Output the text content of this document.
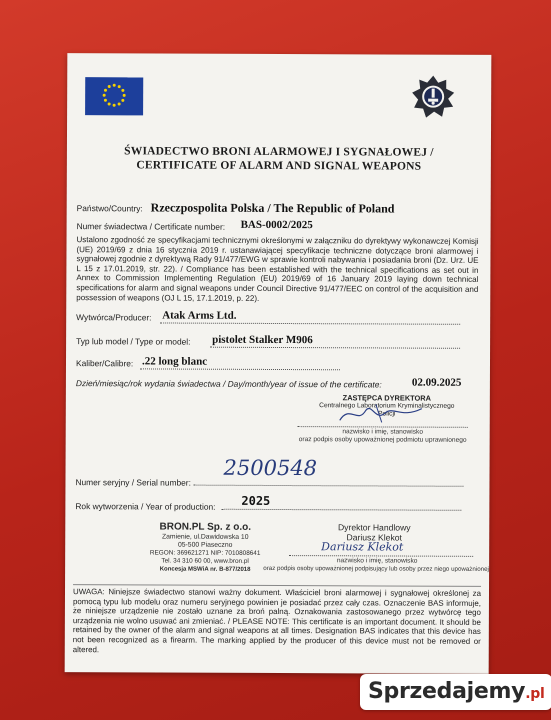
ŚWIADECTWO BRONI ALARMOWEJ I SYGNAŁOWEJ /
CERTIFICATE OF ALARM AND SIGNAL WEAPONS
Państwo/Country: Rzeczpospolita Polska / The Republic of Poland
Numer świadectwa / Certificate number: BAS-0002/2025
Ustalono zgodność ze specyfikacjami technicznymi określonymi w załączniku do dyrektywy wykonawczej Komisji (UE) 2019/69 z dnia 16 stycznia 2019 r. ustanawiającej specyfikacje techniczne dotyczące broni alarmowej i sygnałowej zgodnie z dyrektywą Rady 91/477/EWG w sprawie kontroli nabywania i posiadania broni (Dz. Urz. UE L 15 z 17.01.2019, str. 22). / Compliance has been established with the technical specifications as set out in Annex to Commission Implementing Regulation (EU) 2019/69 of 16 January 2019 laying down technical specifications for alarm and signal weapons under Council Directive 91/477/EEC on control of the acquisition and possession of weapons (OJ L 15, 17.1.2019, p. 22).
Wytwórca/Producer: Atak Arms Ltd.
Typ lub model / Type or model: pistolet Stalker M906
Kaliber/Calibre: .22 long blanc
Dzień/miesiąc/rok wydania świadectwa / Day/month/year of issue of the certificate:	02.09.2025
ZASTĘPCA DYREKTORA
Centralnego Laboratorium Kryminalistycznego
Policji
nazwisko i imię, stanowisko
oraz podpis osoby upoważnionej podmiotu uprawnionego
Numer seryjny / Serial number:
2500548
Rok wytworzenia / Year of production: 2025
BRON.PL Sp. z o.o.
Zamienie, ul.Dawidowska 10
05-500 Piaseczno
REGON: 369621271 NIP: 7010808641
Tel. 34 310 60 00, www.bron.pl
Koncesja MSWiA nr. B-877/2018
Dyrektor Handlowy
Dariusz Klekot
Dariusz Klekot
nazwisko i imię, stanowisko
oraz podpis osoby upoważnionej podpisujący lub osoby przez niego upoważnionej
UWAGA: Niniejsze świadectwo stanowi ważny dokument. Właściciel broni alarmowej i sygnałowej określonej za pomocą typu lub modelu oraz numeru seryjnego powinien je posiadać przez cały czas. Oznaczenie BAS informuje, że niniejsze urządzenie nie zostało uznane za broń palną. Oznakowania zastosowanego przez wytwórcę tego urządzenia nie wolno usuwać ani zmieniać. / PLEASE NOTE: This certificate is an important document. It should be retained by the owner of the alarm and signal weapons at all times. Designation BAS indicates that this device has not been recognized as a firearm. The marking applied by the producer of this device must not be removed or altered.
Sprzedajemy.pl
